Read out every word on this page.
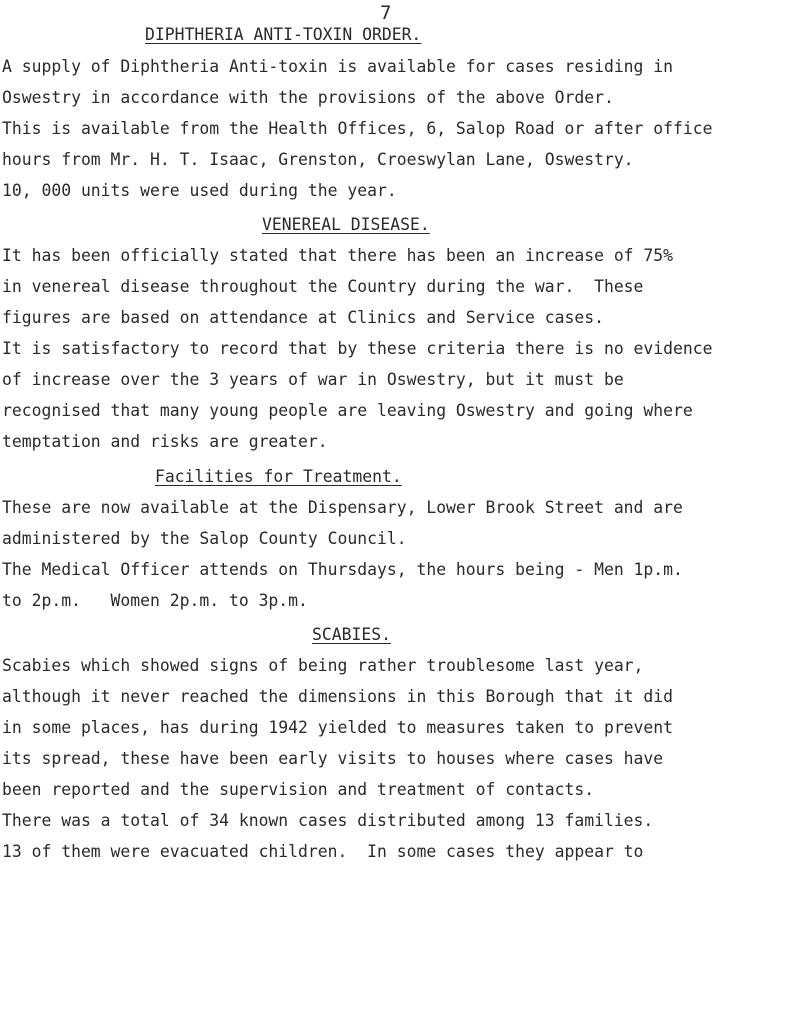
7
DIPHTHERIA ANTI-TOXIN ORDER.
A supply of Diphtheria Anti-toxin is available for cases residing in
Oswestry in accordance with the provisions of the above Order.
This is available from the Health Offices, 6, Salop Road or after office
hours from Mr. H. T. Isaac, Grenston, Croeswylan Lane, Oswestry.
10, 000 units were used during the year.
VENEREAL DISEASE.
It has been officially stated that there has been an increase of 75%
in venereal disease throughout the Country during the war.  These
figures are based on attendance at Clinics and Service cases.
It is satisfactory to record that by these criteria there is no evidence
of increase over the 3 years of war in Oswestry, but it must be
recognised that many young people are leaving Oswestry and going where
temptation and risks are greater.
Facilities for Treatment.
These are now available at the Dispensary, Lower Brook Street and are
administered by the Salop County Council.
The Medical Officer attends on Thursdays, the hours being - Men 1p.m.
to 2p.m.   Women 2p.m. to 3p.m.
SCABIES.
Scabies which showed signs of being rather troublesome last year,
although it never reached the dimensions in this Borough that it did
in some places, has during 1942 yielded to measures taken to prevent
its spread, these have been early visits to houses where cases have
been reported and the supervision and treatment of contacts.
There was a total of 34 known cases distributed among 13 families.
13 of them were evacuated children.  In some cases they appear to
